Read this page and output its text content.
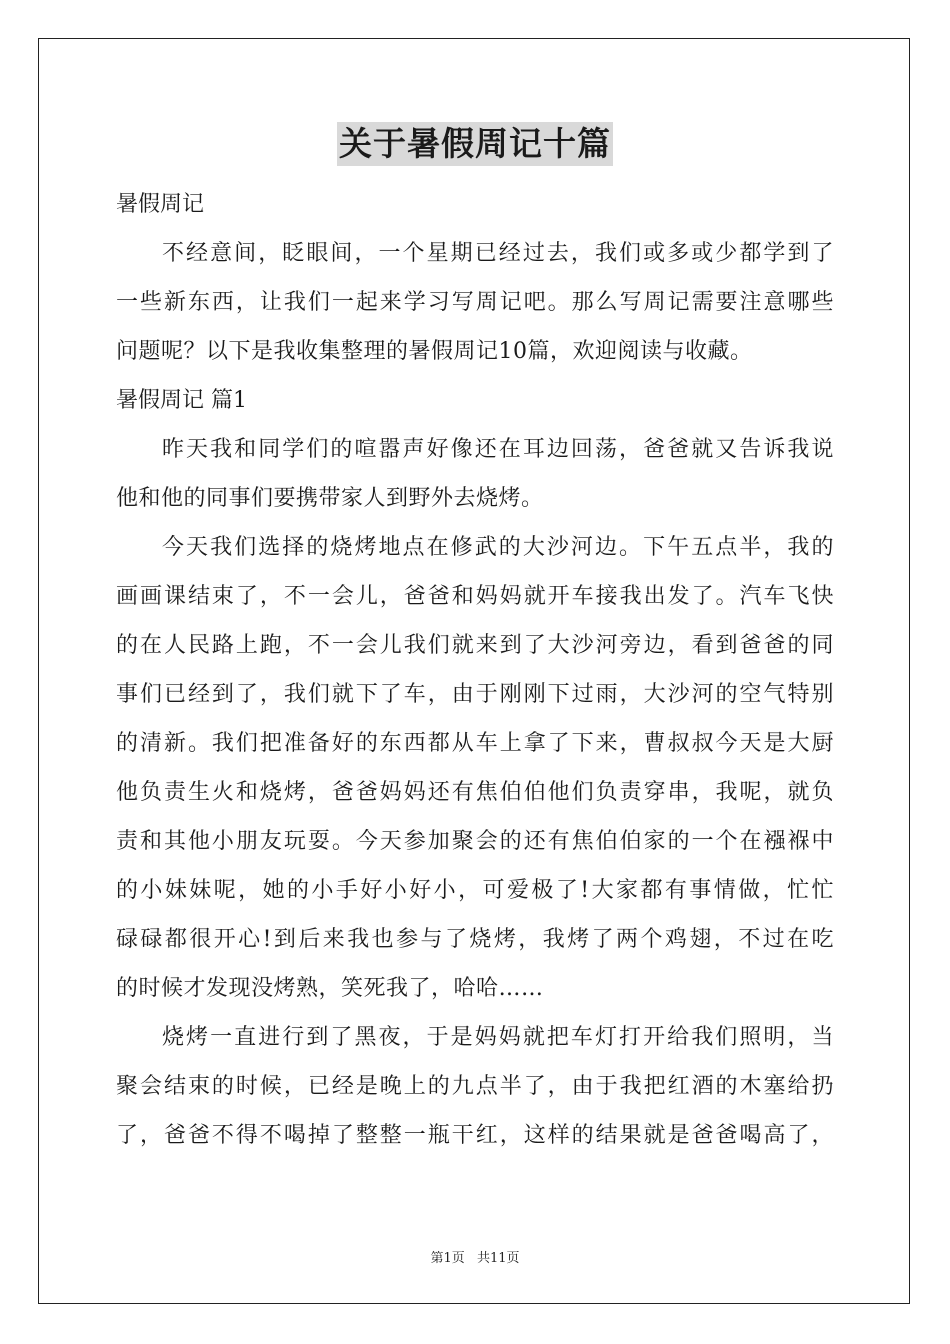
关于暑假周记十篇
暑假周记
不经意间，眨眼间，一个星期已经过去，我们或多或少都学到了
一些新东西，让我们一起来学习写周记吧。那么写周记需要注意哪些
问题呢？以下是我收集整理的暑假周记10篇，欢迎阅读与收藏。
暑假周记 篇1
昨天我和同学们的喧嚣声好像还在耳边回荡，爸爸就又告诉我说
他和他的同事们要携带家人到野外去烧烤。
今天我们选择的烧烤地点在修武的大沙河边。下午五点半，我的
画画课结束了，不一会儿，爸爸和妈妈就开车接我出发了。汽车飞快
的在人民路上跑，不一会儿我们就来到了大沙河旁边，看到爸爸的同
事们已经到了，我们就下了车，由于刚刚下过雨，大沙河的空气特别
的清新。我们把准备好的东西都从车上拿了下来，曹叔叔今天是大厨
他负责生火和烧烤，爸爸妈妈还有焦伯伯他们负责穿串，我呢，就负
责和其他小朋友玩耍。今天参加聚会的还有焦伯伯家的一个在襁褓中
的小妹妹呢，她的小手好小好小，可爱极了!大家都有事情做，忙忙
碌碌都很开心!到后来我也参与了烧烤，我烤了两个鸡翅，不过在吃
的时候才发现没烤熟，笑死我了，哈哈……
烧烤一直进行到了黑夜，于是妈妈就把车灯打开给我们照明，当
聚会结束的时候，已经是晚上的九点半了，由于我把红酒的木塞给扔
了，爸爸不得不喝掉了整整一瓶干红，这样的结果就是爸爸喝高了，
第1页 共11页
